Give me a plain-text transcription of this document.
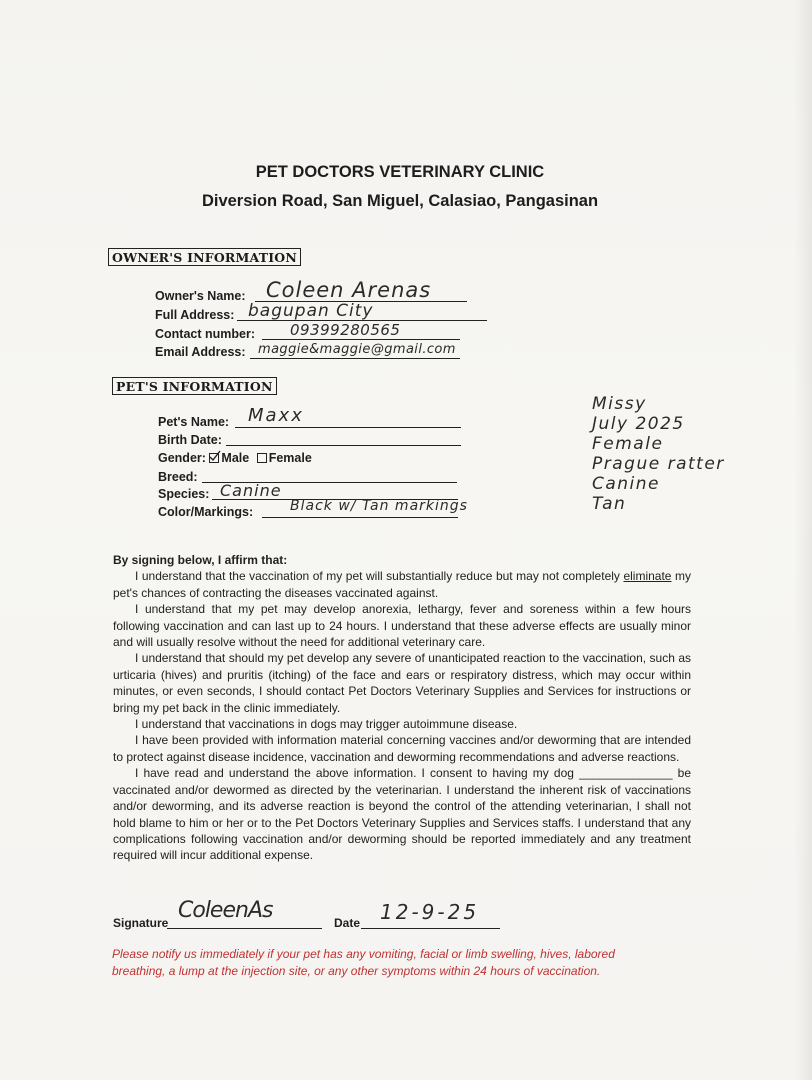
PET DOCTORS VETERINARY CLINIC
Diversion Road, San Miguel, Calasiao, Pangasinan
OWNER'S INFORMATION
Owner's Name: Coleen Arenas
Full Address: bagupan City
Contact number: 09399280565
Email Address: maggie&maggie@gmail.com
PET'S INFORMATION
Pet's Name: Maxx
Birth Date:
Gender: Male Female
Breed:
Species: Canine
Color/Markings:	Black w/ Tan markings
Missy
July 2025
Female
Prague ratter
Canine
Tan

By signing below, I affirm that:

I understand that the vaccination of my pet will substantially reduce but may not completely eliminate my pet's chances of contracting the diseases vaccinated against.

I understand that my pet may develop anorexia, lethargy, fever and soreness within a few hours following vaccination and can last up to 24 hours. I understand that these adverse effects are usually minor and will usually resolve without the need for additional veterinary care.

I understand that should my pet develop any severe of unanticipated reaction to the vaccination, such as urticaria (hives) and pruritis (itching) of the face and ears or respiratory distress, which may occur within minutes, or even seconds, I should contact Pet Doctors Veterinary Supplies and Services for instructions or bring my pet back in the clinic immediately.

I understand that vaccinations in dogs may trigger autoimmune disease.

I have been provided with information material concerning vaccines and/or deworming that are intended to protect against disease incidence, vaccination and deworming recommendations and adverse reactions.

I have read and understand the above information. I consent to having my dog ______________ be vaccinated and/or dewormed as directed by the veterinarian. I understand the inherent risk of vaccinations and/or deworming, and its adverse reaction is beyond the control of the attending veterinarian, I shall not hold blame to him or her or to the Pet Doctors Veterinary Supplies and Services staffs. I understand that any complications following vaccination and/or deworming should be reported immediately and any treatment required will incur additional expense.

Signature ColeenAs	Date 12-9-25
Please notify us immediately if your pet has any vomiting, facial or limb swelling, hives, labored breathing, a lump at the injection site, or any other symptoms within 24 hours of vaccination.
